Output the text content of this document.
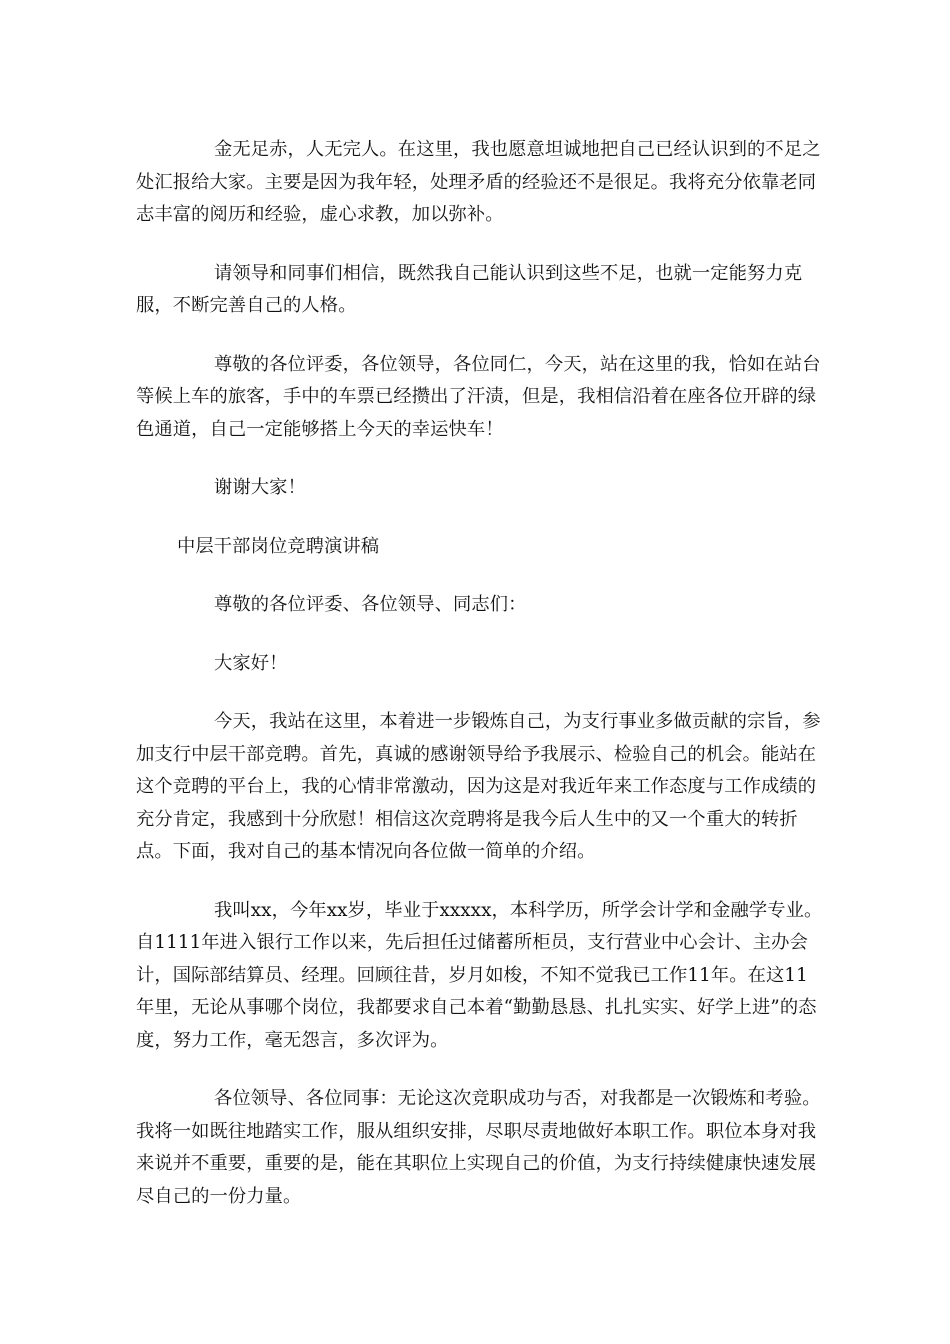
金无足赤，人无完人。在这里，我也愿意坦诚地把自己已经认识到的不足之处汇报给大家。主要是因为我年轻，处理矛盾的经验还不是很足。我将充分依靠老同志丰富的阅历和经验，虚心求教，加以弥补。

请领导和同事们相信，既然我自己能认识到这些不足，也就一定能努力克服，不断完善自己的人格。

尊敬的各位评委，各位领导，各位同仁，今天，站在这里的我，恰如在站台等候上车的旅客，手中的车票已经攒出了汗渍，但是，我相信沿着在座各位开辟的绿色通道，自己一定能够搭上今天的幸运快车！

谢谢大家！

中层干部岗位竞聘演讲稿

尊敬的各位评委、各位领导、同志们：

大家好！

今天，我站在这里，本着进一步锻炼自己，为支行事业多做贡献的宗旨，参加支行中层干部竞聘。首先，真诚的感谢领导给予我展示、检验自己的机会。能站在这个竞聘的平台上，我的心情非常激动，因为这是对我近年来工作态度与工作成绩的充分肯定，我感到十分欣慰！相信这次竞聘将是我今后人生中的又一个重大的转折点。下面，我对自己的基本情况向各位做一简单的介绍。

我叫xx，今年xx岁，毕业于xxxxx，本科学历，所学会计学和金融学专业。自1111年进入银行工作以来，先后担任过储蓄所柜员，支行营业中心会计、主办会计，国际部结算员、经理。回顾往昔，岁月如梭，不知不觉我已工作11年。在这11年里，无论从事哪个岗位，我都要求自己本着“勤勤恳恳、扎扎实实、好学上进”的态度，努力工作，毫无怨言，多次评为。

各位领导、各位同事：无论这次竞职成功与否，对我都是一次锻炼和考验。我将一如既往地踏实工作，服从组织安排，尽职尽责地做好本职工作。职位本身对我来说并不重要，重要的是，能在其职位上实现自己的价值，为支行持续健康快速发展尽自己的一份力量。
